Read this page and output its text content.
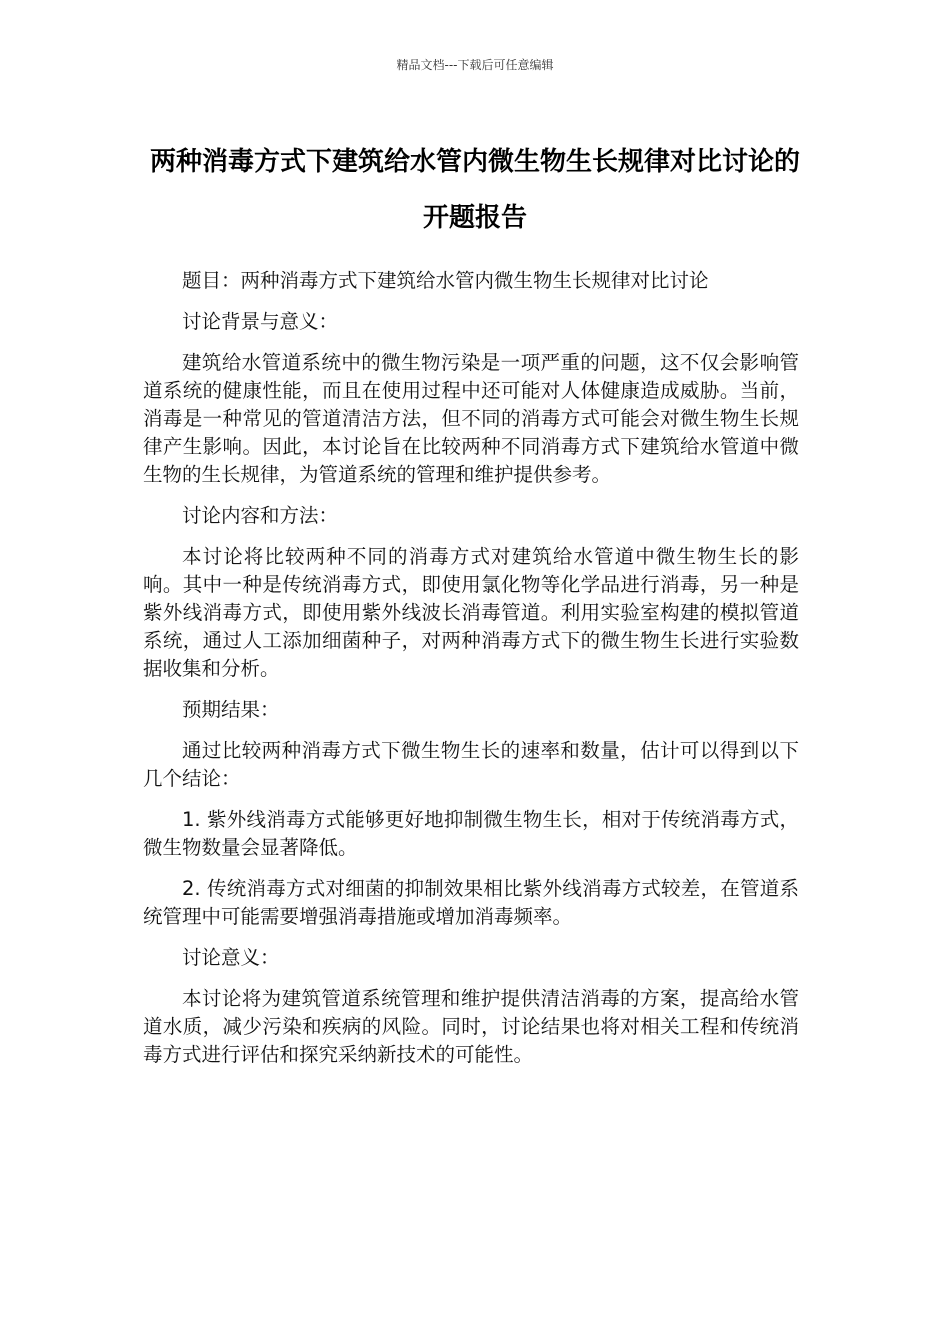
精品文档---下载后可任意编辑
两种消毒方式下建筑给水管内微生物生长规律对比讨论的开题报告

题目：两种消毒方式下建筑给水管内微生物生长规律对比讨论

讨论背景与意义：

建筑给水管道系统中的微生物污染是一项严重的问题，这不仅会影响管道系统的健康性能，而且在使用过程中还可能对人体健康造成威胁。当前，消毒是一种常见的管道清洁方法，但不同的消毒方式可能会对微生物生长规律产生影响。因此，本讨论旨在比较两种不同消毒方式下建筑给水管道中微生物的生长规律，为管道系统的管理和维护提供参考。

讨论内容和方法：

本讨论将比较两种不同的消毒方式对建筑给水管道中微生物生长的影响。其中一种是传统消毒方式，即使用氯化物等化学品进行消毒，另一种是紫外线消毒方式，即使用紫外线波长消毒管道。利用实验室构建的模拟管道系统，通过人工添加细菌种子，对两种消毒方式下的微生物生长进行实验数据收集和分析。

预期结果：

通过比较两种消毒方式下微生物生长的速率和数量，估计可以得到以下几个结论：

1. 紫外线消毒方式能够更好地抑制微生物生长，相对于传统消毒方式，微生物数量会显著降低。

2. 传统消毒方式对细菌的抑制效果相比紫外线消毒方式较差，在管道系统管理中可能需要增强消毒措施或增加消毒频率。

讨论意义：

本讨论将为建筑管道系统管理和维护提供清洁消毒的方案，提高给水管道水质，减少污染和疾病的风险。同时，讨论结果也将对相关工程和传统消毒方式进行评估和探究采纳新技术的可能性。
